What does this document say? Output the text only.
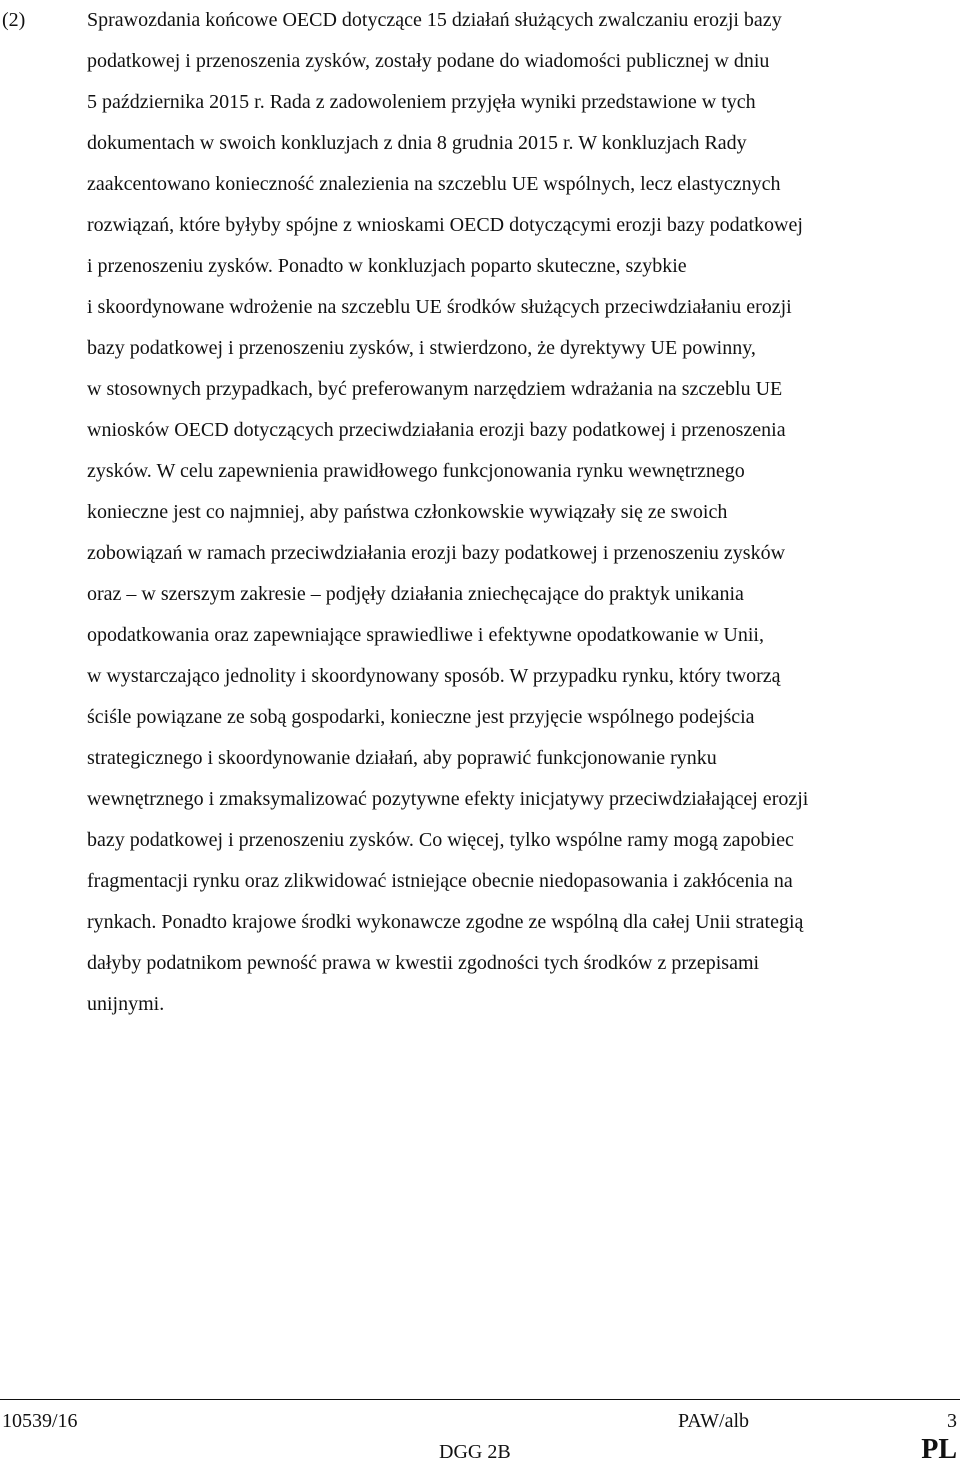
(2)	Sprawozdania końcowe OECD dotyczące 15 działań służących zwalczaniu erozji bazy
podatkowej i przenoszenia zysków, zostały podane do wiadomości publicznej w dniu
5 października 2015 r. Rada z zadowoleniem przyjęła wyniki przedstawione w tych
dokumentach w swoich konkluzjach z dnia 8 grudnia 2015 r. W konkluzjach Rady
zaakcentowano konieczność znalezienia na szczeblu UE wspólnych, lecz elastycznych
rozwiązań, które byłyby spójne z wnioskami OECD dotyczącymi erozji bazy podatkowej
i przenoszeniu zysków. Ponadto w konkluzjach poparto skuteczne, szybkie
i skoordynowane wdrożenie na szczeblu UE środków służących przeciwdziałaniu erozji
bazy podatkowej i przenoszeniu zysków, i stwierdzono, że dyrektywy UE powinny,
w stosownych przypadkach, być preferowanym narzędziem wdrażania na szczeblu UE
wniosków OECD dotyczących przeciwdziałania erozji bazy podatkowej i przenoszenia
zysków. W celu zapewnienia prawidłowego funkcjonowania rynku wewnętrznego
konieczne jest co najmniej, aby państwa członkowskie wywiązały się ze swoich
zobowiązań w ramach przeciwdziałania erozji bazy podatkowej i przenoszeniu zysków
oraz – w szerszym zakresie – podjęły działania zniechęcające do praktyk unikania
opodatkowania oraz zapewniające sprawiedliwe i efektywne opodatkowanie w Unii,
w wystarczająco jednolity i skoordynowany sposób. W przypadku rynku, który tworzą
ściśle powiązane ze sobą gospodarki, konieczne jest przyjęcie wspólnego podejścia
strategicznego i skoordynowanie działań, aby poprawić funkcjonowanie rynku
wewnętrznego i zmaksymalizować pozytywne efekty inicjatywy przeciwdziałającej erozji
bazy podatkowej i przenoszeniu zysków. Co więcej, tylko wspólne ramy mogą zapobiec
fragmentacji rynku oraz zlikwidować istniejące obecnie niedopasowania i zakłócenia na
rynkach. Ponadto krajowe środki wykonawcze zgodne ze wspólną dla całej Unii strategią
dałyby podatnikom pewność prawa w kwestii zgodności tych środków z przepisami
unijnymi.
10539/16	PAW/alb	3
DGG 2B	PL
